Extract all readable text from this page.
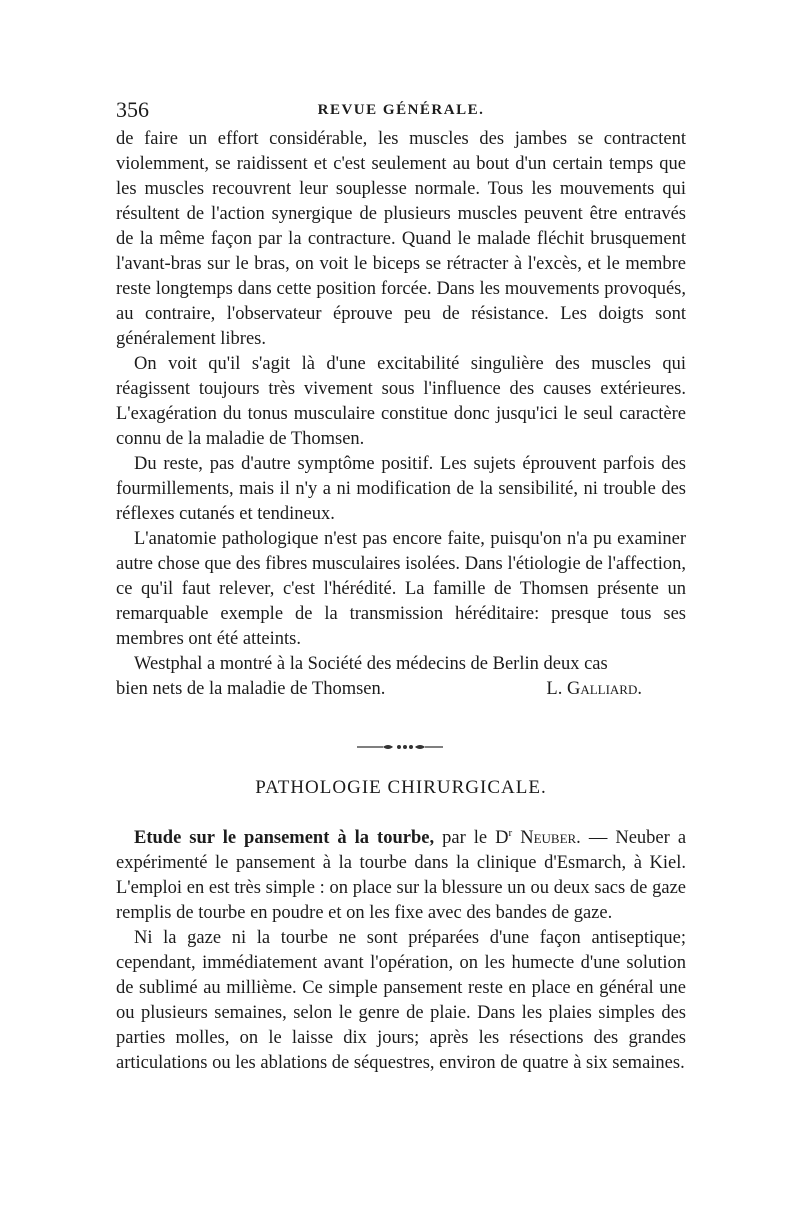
356	REVUE GÉNÉRALE.

de faire un effort considérable, les muscles des jambes se contractent violemment, se raidissent et c'est seulement au bout d'un certain temps que les muscles recouvrent leur souplesse normale. Tous les mouvements qui résultent de l'action synergique de plusieurs muscles peuvent être entravés de la même façon par la contracture. Quand le malade fléchit brusquement l'avant-bras sur le bras, on voit le biceps se rétracter à l'excès, et le membre reste longtemps dans cette position forcée. Dans les mouvements provoqués, au contraire, l'observateur éprouve peu de résistance. Les doigts sont généralement libres.

On voit qu'il s'agit là d'une excitabilité singulière des muscles qui réagissent toujours très vivement sous l'influence des causes extérieures. L'exagération du tonus musculaire constitue donc jusqu'ici le seul caractère connu de la maladie de Thomsen.

Du reste, pas d'autre symptôme positif. Les sujets éprouvent parfois des fourmillements, mais il n'y a ni modification de la sensibilité, ni trouble des réflexes cutanés et tendineux.

L'anatomie pathologique n'est pas encore faite, puisqu'on n'a pu examiner autre chose que des fibres musculaires isolées. Dans l'étiologie de l'affection, ce qu'il faut relever, c'est l'hérédité. La famille de Thomsen présente un remarquable exemple de la transmission héréditaire: presque tous ses membres ont été atteints.

Westphal a montré à la Société des médecins de Berlin deux cas

bien nets de la maladie de Thomsen.	L. Galliard.
PATHOLOGIE CHIRURGICALE.

Etude sur le pansement à la tourbe, par le $D^r$ Neuber. — Neuber a expérimenté le pansement à la tourbe dans la clinique d'Esmarch, à Kiel. L'emploi en est très simple : on place sur la blessure un ou deux sacs de gaze remplis de tourbe en poudre et on les fixe avec des bandes de gaze.

Ni la gaze ni la tourbe ne sont préparées d'une façon antiseptique; cependant, immédiatement avant l'opération, on les humecte d'une solution de sublimé au millième. Ce simple pansement reste en place en général une ou plusieurs semaines, selon le genre de plaie. Dans les plaies simples des parties molles, on le laisse dix jours; après les résections des grandes articulations ou les ablations de séquestres, environ de quatre à six semaines.
